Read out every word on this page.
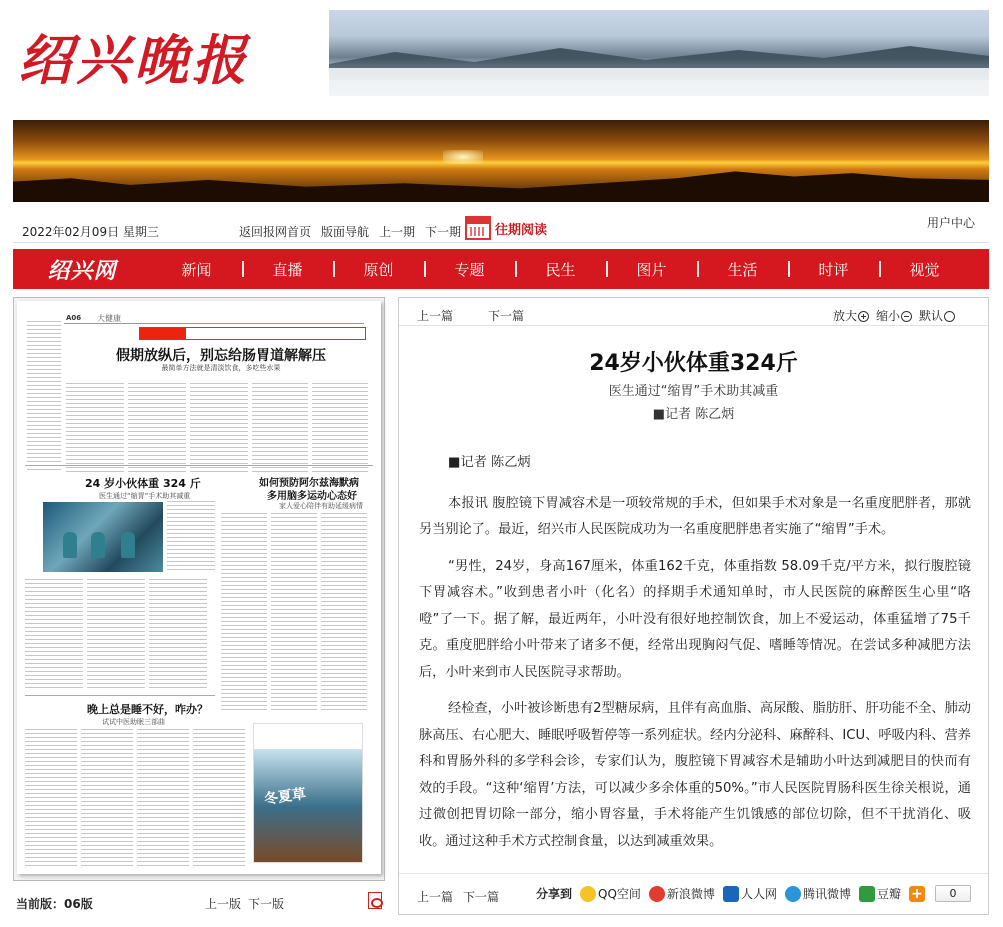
绍兴晚报
2022年02月09日 星期三	返回报网首页 版面导航 上一期 下一期	往期阅读	用户中心
绍兴网	新闻	直播	原创	专题	民生	图片	生活	时评	视觉
A06 大健康
假期放纵后，别忘给肠胃道解解压
最简单方法就是清淡饮食，多吃些水果
24 岁小伙体重 324 斤
医生通过“缩胃”手术助其减重
如何预防阿尔兹海默病
多用脑多运动心态好
家人爱心陪伴有助延缓病情
晚上总是睡不好，咋办？
试试中医助眠三部曲
冬夏草
当前版：06版	上一版 下一版
上一篇	下一篇	放大	缩小	默认
24岁小伙体重324斤
医生通过“缩胃”手术助其减重
■记者 陈乙炳

■记者 陈乙炳

本报讯 腹腔镜下胃减容术是一项较常规的手术，但如果手术对象是一名重度肥胖者，那就另当别论了。最近，绍兴市人民医院成功为一名重度肥胖患者实施了“缩胃”手术。

“男性，24岁，身高167厘米，体重162千克，体重指数 58.09千克/平方米，拟行腹腔镜下胃减容术。”收到患者小叶（化名）的择期手术通知单时，市人民医院的麻醉医生心里“咯噔”了一下。据了解，最近两年，小叶没有很好地控制饮食，加上不爱运动，体重猛增了75千克。重度肥胖给小叶带来了诸多不便，经常出现胸闷气促、嗜睡等情况。在尝试多种减肥方法后，小叶来到市人民医院寻求帮助。

经检查，小叶被诊断患有2型糖尿病，且伴有高血脂、高尿酸、脂肪肝、肝功能不全、肺动脉高压、右心肥大、睡眠呼吸暂停等一系列症状。经内分泌科、麻醉科、ICU、呼吸内科、营养科和胃肠外科的多学科会诊，专家们认为，腹腔镜下胃减容术是辅助小叶达到减肥目的快而有效的手段。“这种‘缩胃’方法，可以减少多余体重的50%。”市人民医院胃肠科医生徐关根说，通过微创把胃切除一部分，缩小胃容量，手术将能产生饥饿感的部位切除，但不干扰消化、吸收。通过这种手术方式控制食量，以达到减重效果。

上一篇 下一篇	分享到 QQ空间 新浪微博 人人网 腾讯微博 豆瓣 +	0
